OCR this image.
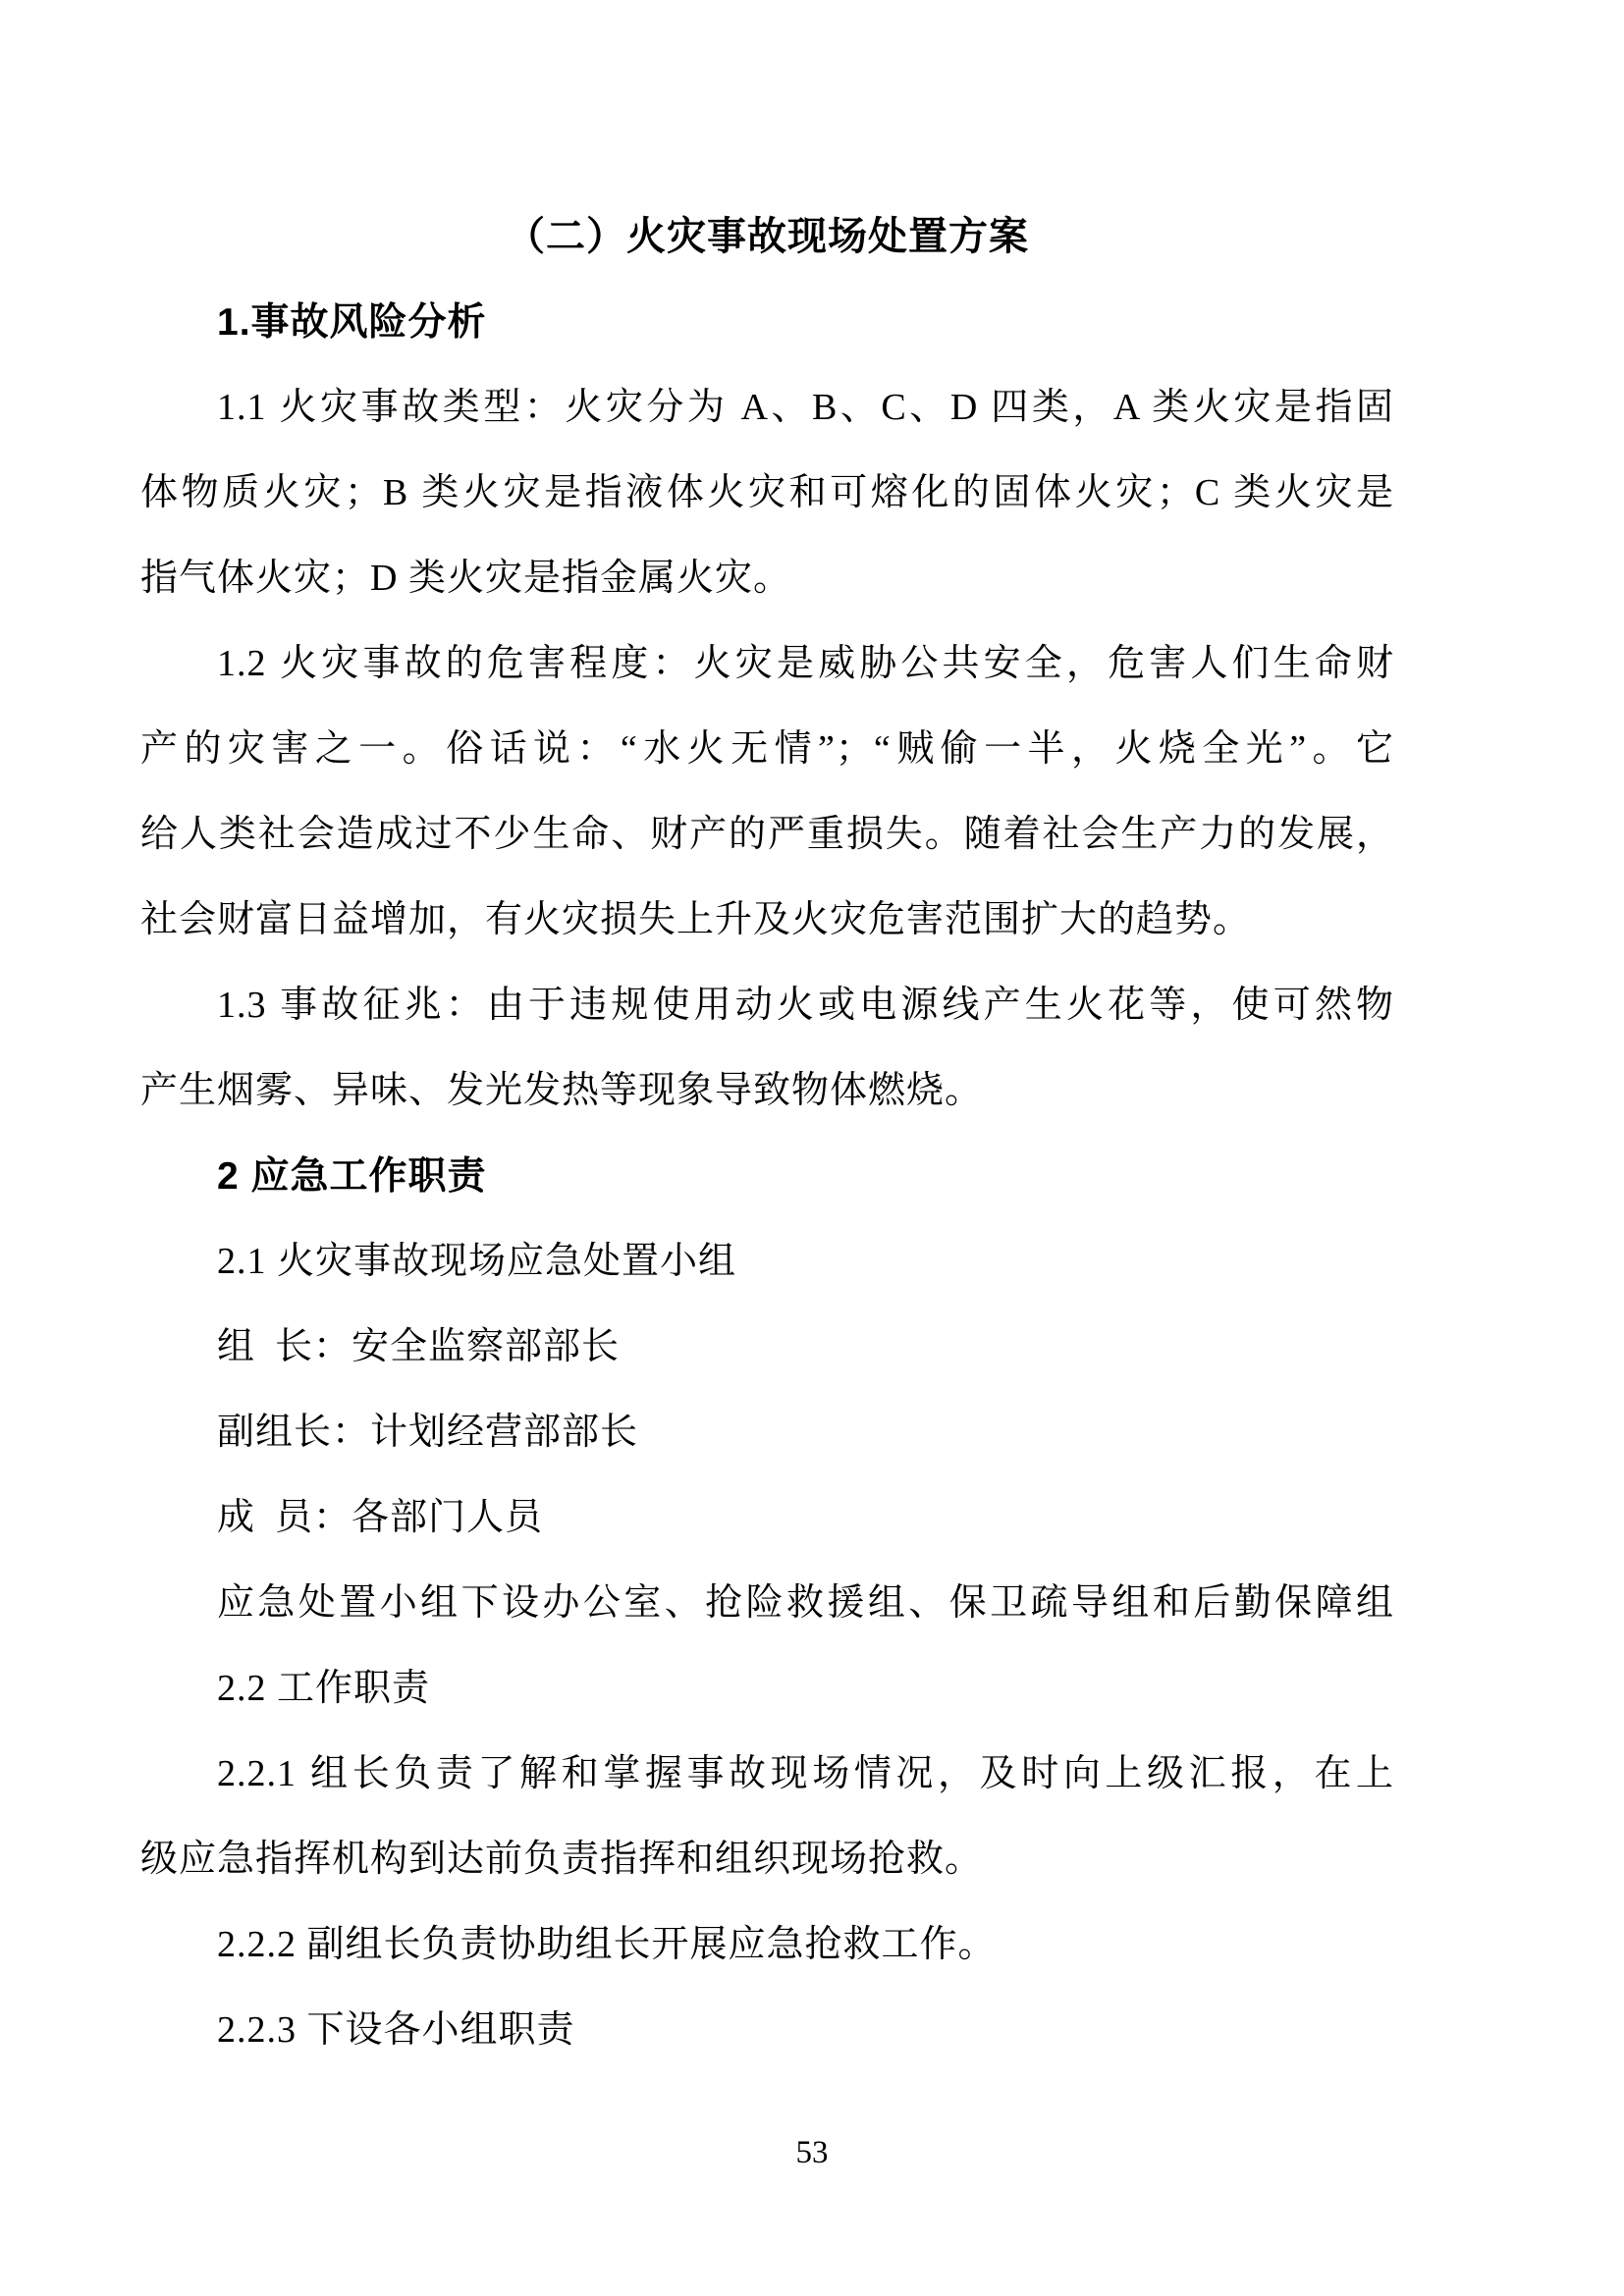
（二）火灾事故现场处置方案
1.事故风险分析
1.1 火灾事故类型：火灾分为 A、B、C、D 四类，A 类火灾是指固
体物质火灾；B 类火灾是指液体火灾和可熔化的固体火灾；C 类火灾是
指气体火灾；D 类火灾是指金属火灾。
1.2 火灾事故的危害程度：火灾是威胁公共安全，危害人们生命财
产的灾害之一。俗话说：“水火无情”；“贼偷一半，火烧全光”。它
给人类社会造成过不少生命、财产的严重损失。随着社会生产力的发展，
社会财富日益增加，有火灾损失上升及火灾危害范围扩大的趋势。
1.3 事故征兆：由于违规使用动火或电源线产生火花等，使可然物
产生烟雾、异味、发光发热等现象导致物体燃烧。
2 应急工作职责
2.1 火灾事故现场应急处置小组
组 长：安全监察部部长
副组长：计划经营部部长
成 员：各部门人员
应急处置小组下设办公室、抢险救援组、保卫疏导组和后勤保障组
2.2 工作职责
2.2.1 组长负责了解和掌握事故现场情况，及时向上级汇报，在上
级应急指挥机构到达前负责指挥和组织现场抢救。
2.2.2 副组长负责协助组长开展应急抢救工作。
2.2.3 下设各小组职责
53
